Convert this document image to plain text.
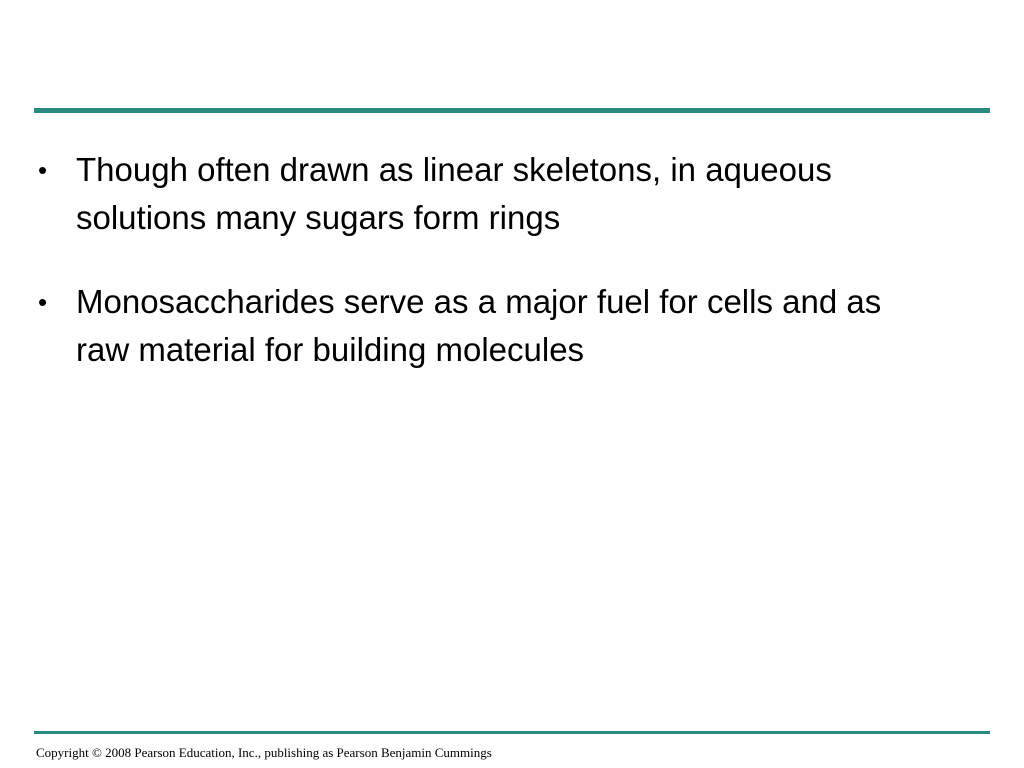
• Though often drawn as linear skeletons, in aqueous solutions many sugars form rings
• Monosaccharides serve as a major fuel for cells and as raw material for building molecules
Copyright © 2008 Pearson Education, Inc., publishing as Pearson Benjamin Cummings
